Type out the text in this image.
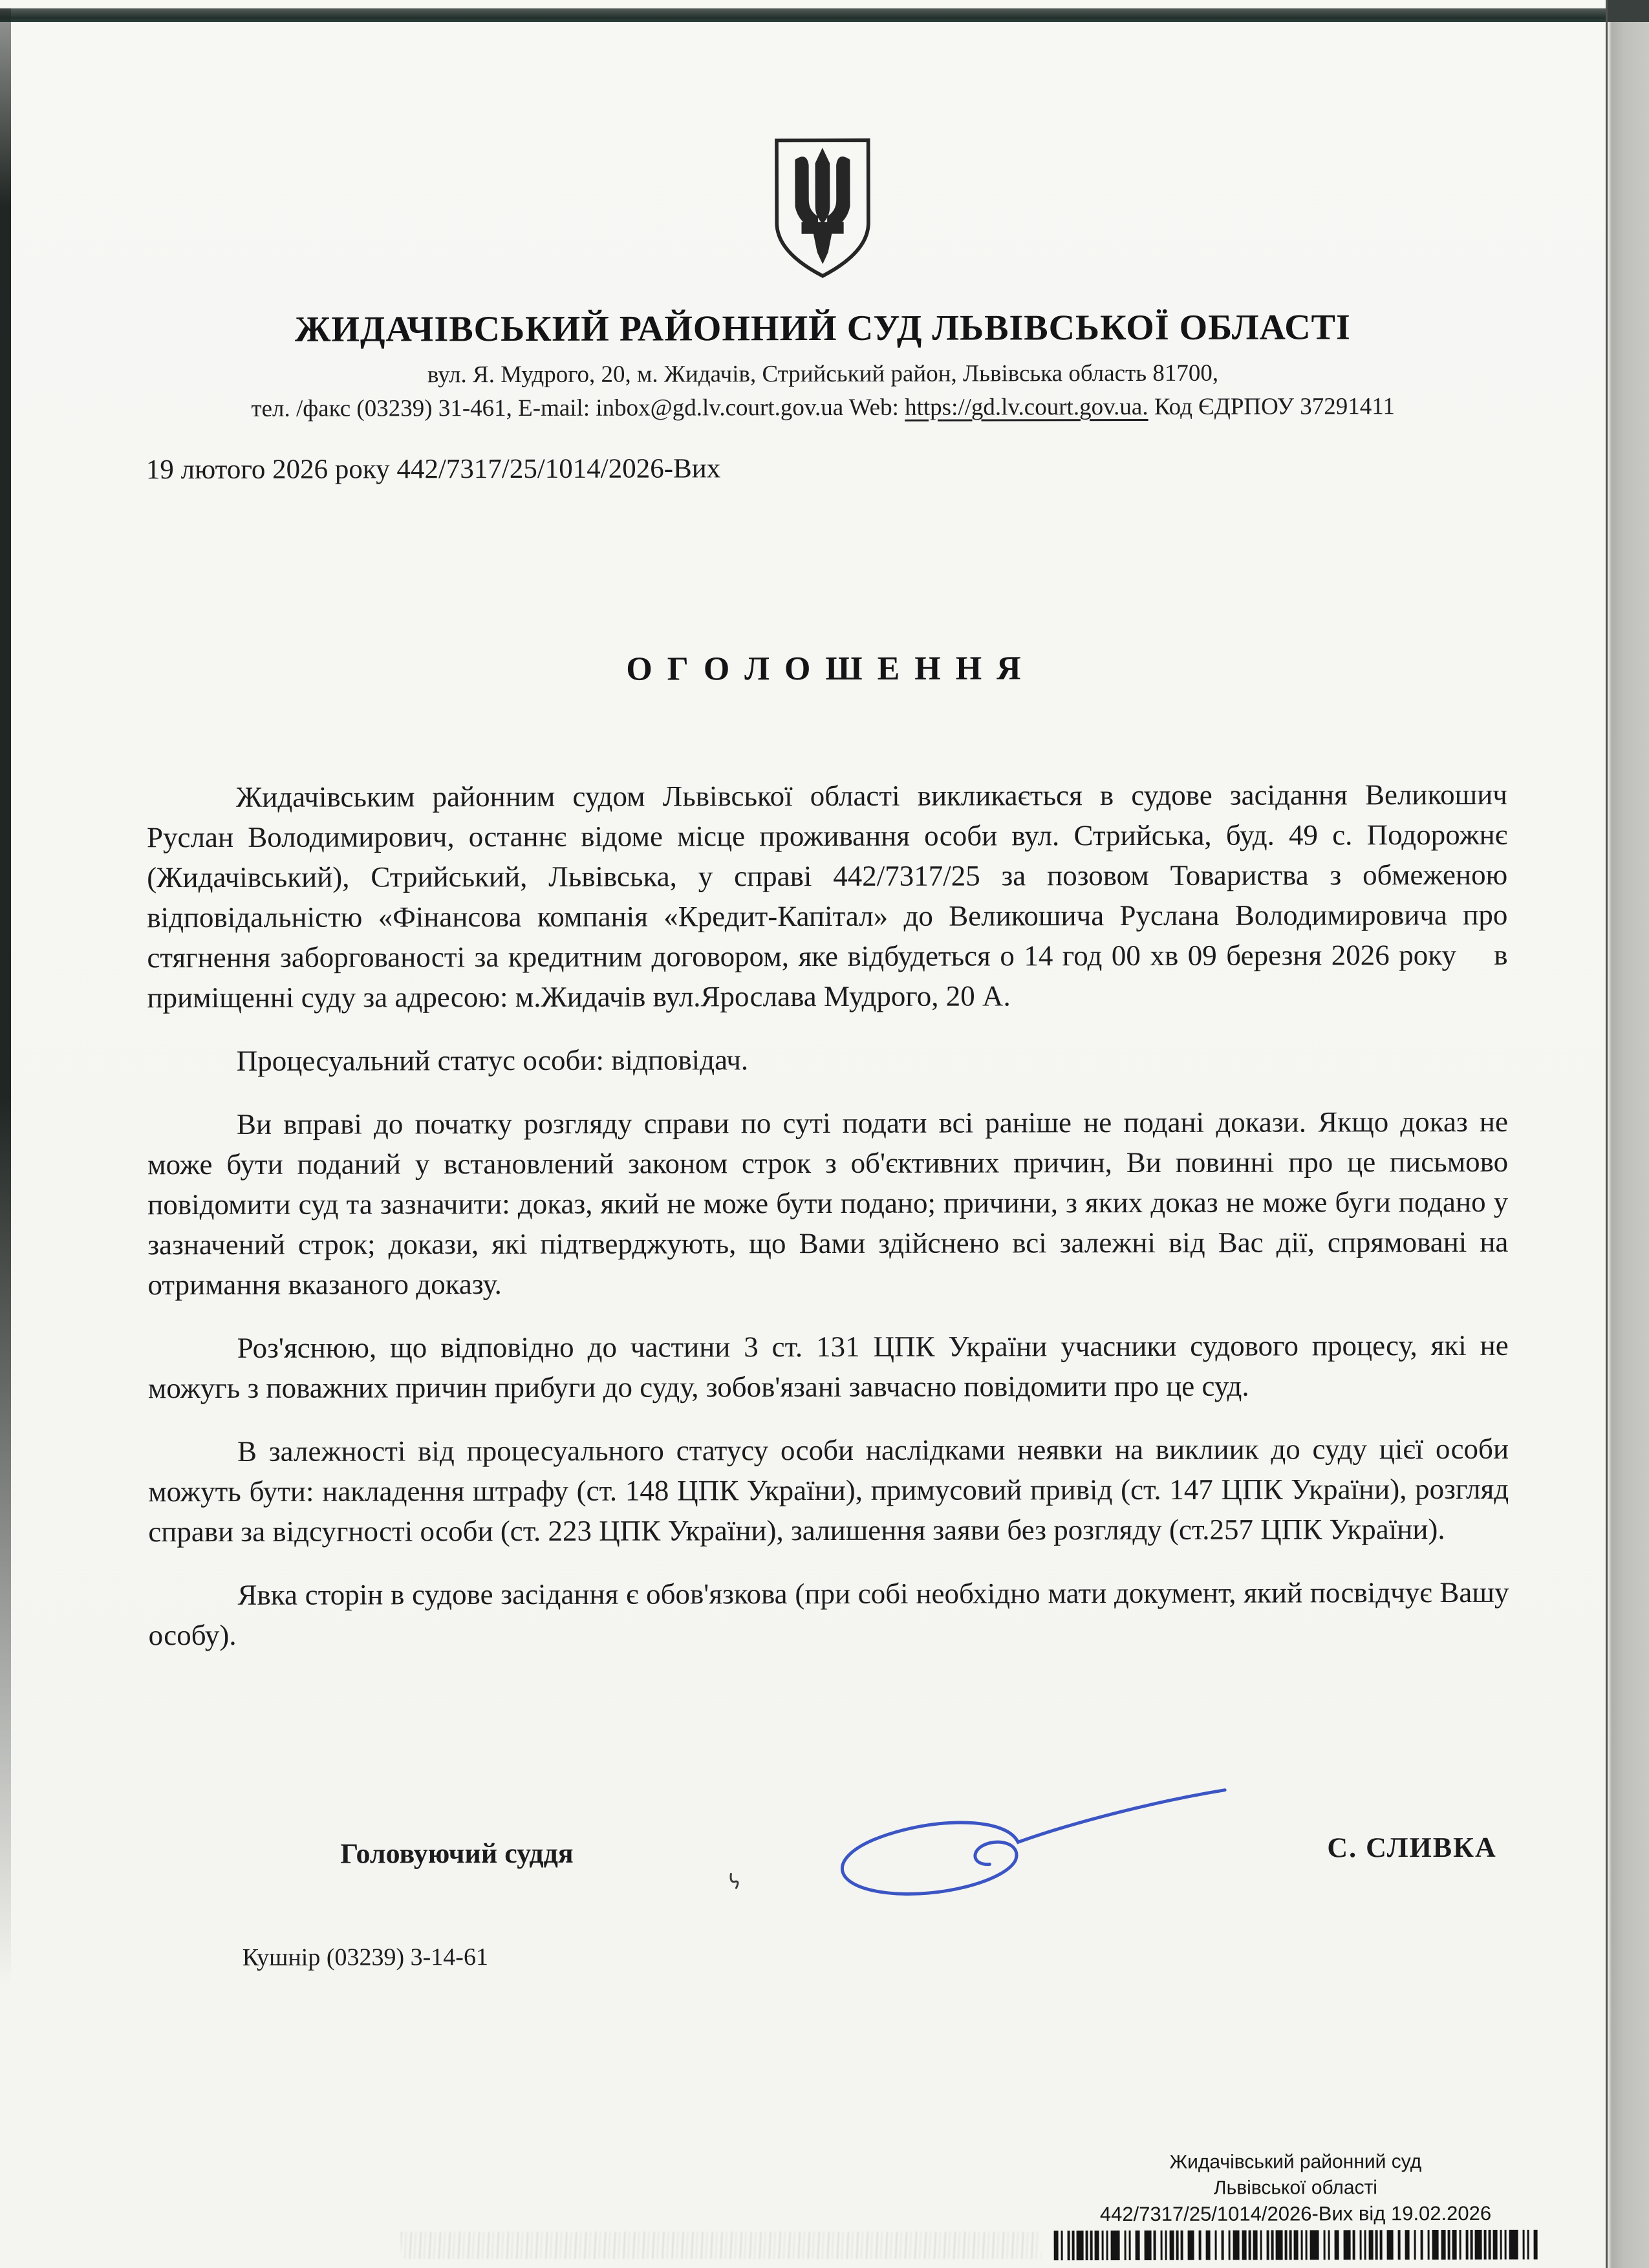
ЖИДАЧІВСЬКИЙ РАЙОННИЙ СУД ЛЬВІВСЬКОЇ ОБЛАСТІ
вул. Я. Мудрого, 20, м. Жидачів, Стрийський район, Львівська область 81700,
тел. /факс (03239) 31-461, E-mail: inbox@gd.lv.court.gov.ua Web: https://gd.lv.court.gov.ua. Код ЄДРПОУ 37291411
19 лютого 2026 року 442/7317/25/1014/2026-Вих
О Г О Л О Ш Е Н Н Я

Жидачівським районним судом Львівської області викликається в судове засідання Великошич Руслан Володимирович, останнє відоме місце проживання особи вул. Стрийська, буд. 49 с. Подорожнє (Жидачівський), Стрийський, Львівська, у справі 442/7317/25 за позовом Товариства з обмеженою відповідальністю «Фінансова компанія «Кредит-Капітал» до Великошича Руслана Володимировича про стягнення заборгованості за кредитним договором, яке відбудеться о 14 год 00 хв 09 березня 2026 року    в приміщенні суду за адресою: м.Жидачів вул.Ярослава Мудрого, 20 А.

Процесуальний статус особи: відповідач.

Ви вправі до початку розгляду справи по суті подати всі раніше не подані докази. Якщо доказ не може бути поданий у встановлений законом строк з об'єктивних причин, Ви повинні про це письмово повідомити суд та зазначити: доказ, який не може бути подано; причини, з яких доказ не може буги подано у зазначений строк; докази, які підтверджують, що Вами здійснено всі залежні від Вас дії, спрямовані на отримання вказаного доказу.

Роз'яснюю, що відповідно до частини 3 ст. 131 ЦПК України учасники судового процесу, які не можугь з поважних причин прибуги до суду, зобов'язані завчасно повідомити про це суд.

В залежності від процесуального статусу особи наслідками неявки на виклиик до суду цієї особи можуть бути: накладення штрафу (ст. 148 ЦПК України), примусовий привід (ст. 147 ЦПК України), розгляд справи за відсугності особи (ст. 223 ЦПК України), залишення заяви без розгляду (ст.257 ЦПК України).

Явка сторін в судове засідання є обов'язкова (при собі необхідно мати документ, який посвідчує Вашу особу).

Головуючий суддя	С. СЛИВКА
Кушнір (03239) 3-14-61
Жидачівський районний суд
Львівської області
442/7317/25/1014/2026-Вих від 19.02.2026
